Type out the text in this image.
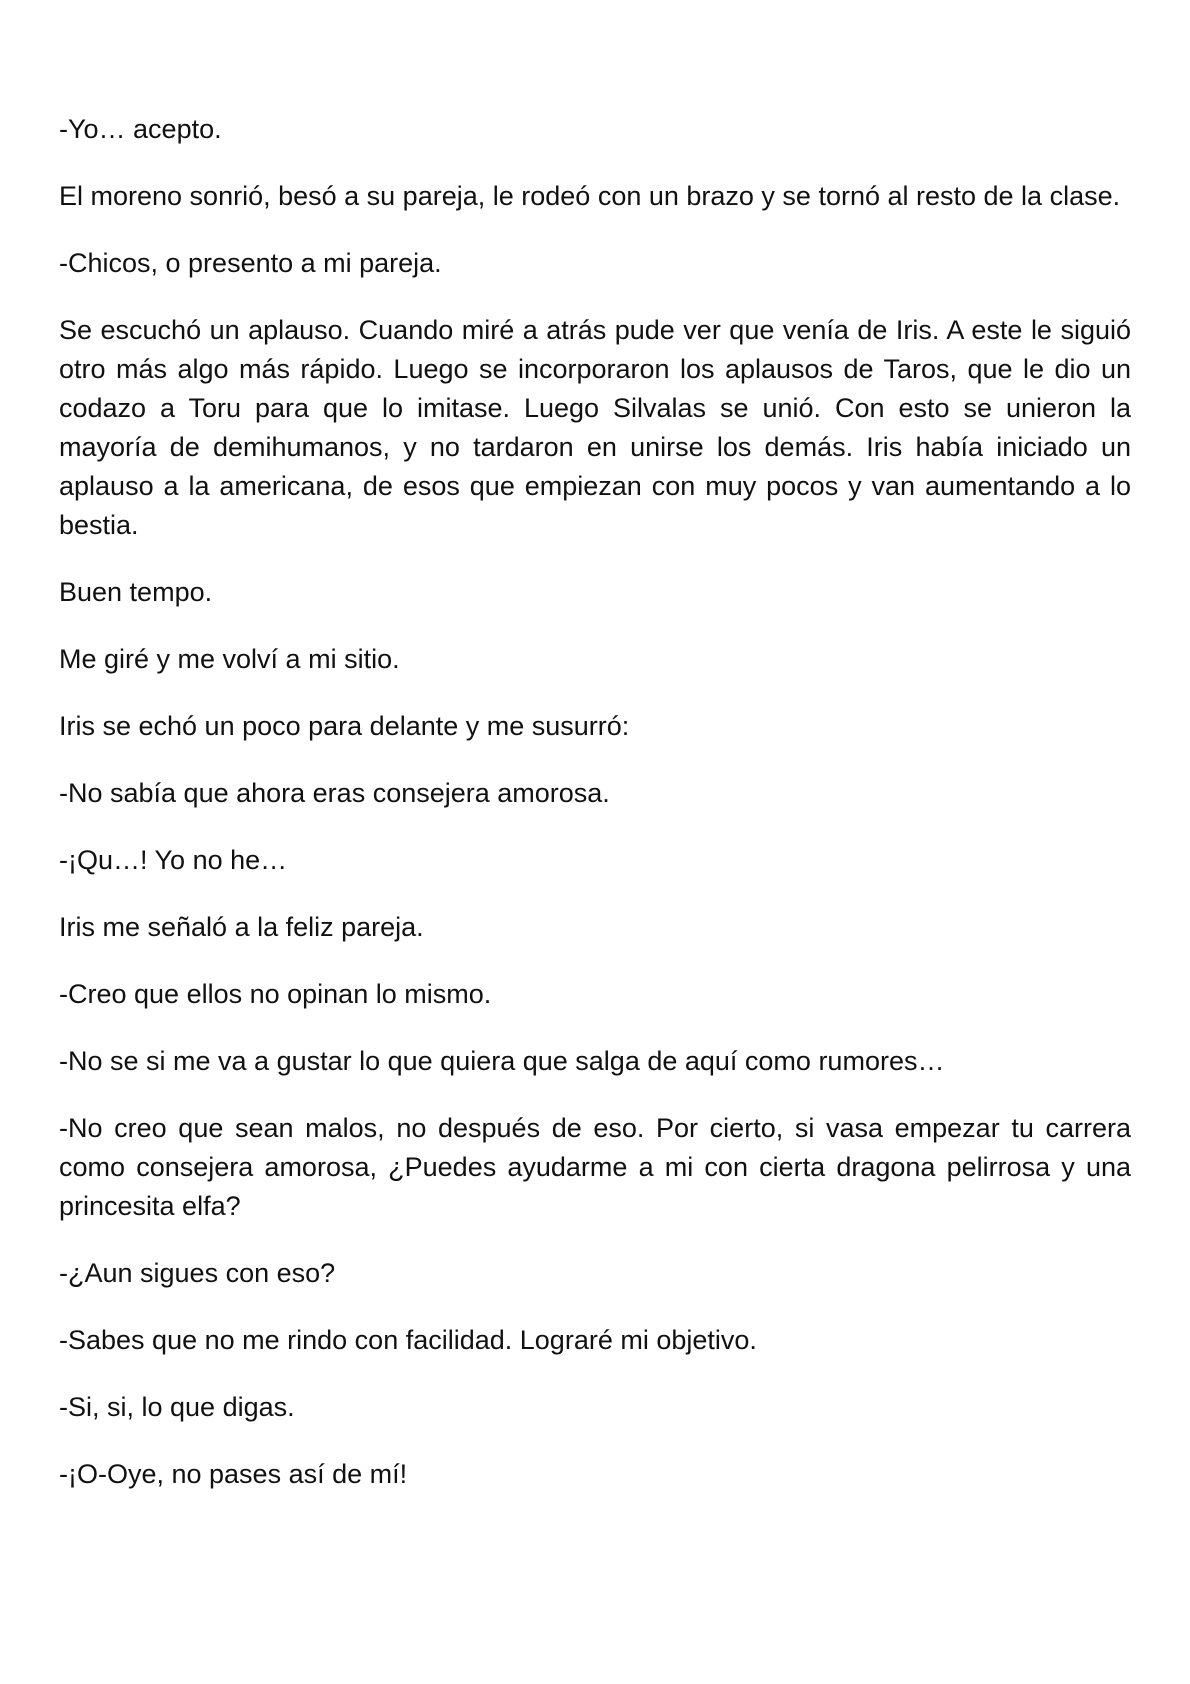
-Yo… acepto.

El moreno sonrió, besó a su pareja, le rodeó con un brazo y se tornó al resto de la clase.

-Chicos, o presento a mi pareja.

Se escuchó un aplauso. Cuando miré a atrás pude ver que venía de Iris. A este le siguió otro más algo más rápido. Luego se incorporaron los aplausos de Taros, que le dio un codazo a Toru para que lo imitase. Luego Silvalas se unió. Con esto se unieron la mayoría de demihumanos, y no tardaron en unirse los demás. Iris había iniciado un aplauso a la americana, de esos que empiezan con muy pocos y van aumentando a lo bestia.

Buen tempo.

Me giré y me volví a mi sitio.

Iris se echó un poco para delante y me susurró:

-No sabía que ahora eras consejera amorosa.

-¡Qu…! Yo no he…

Iris me señaló a la feliz pareja.

-Creo que ellos no opinan lo mismo.

-No se si me va a gustar lo que quiera que salga de aquí como rumores…

-No creo que sean malos, no después de eso. Por cierto, si vasa empezar tu carrera como consejera amorosa, ¿Puedes ayudarme a mi con cierta dragona pelirrosa y una princesita elfa?

-¿Aun sigues con eso?

-Sabes que no me rindo con facilidad. Lograré mi objetivo.

-Si, si, lo que digas.

-¡O-Oye, no pases así de mí!
